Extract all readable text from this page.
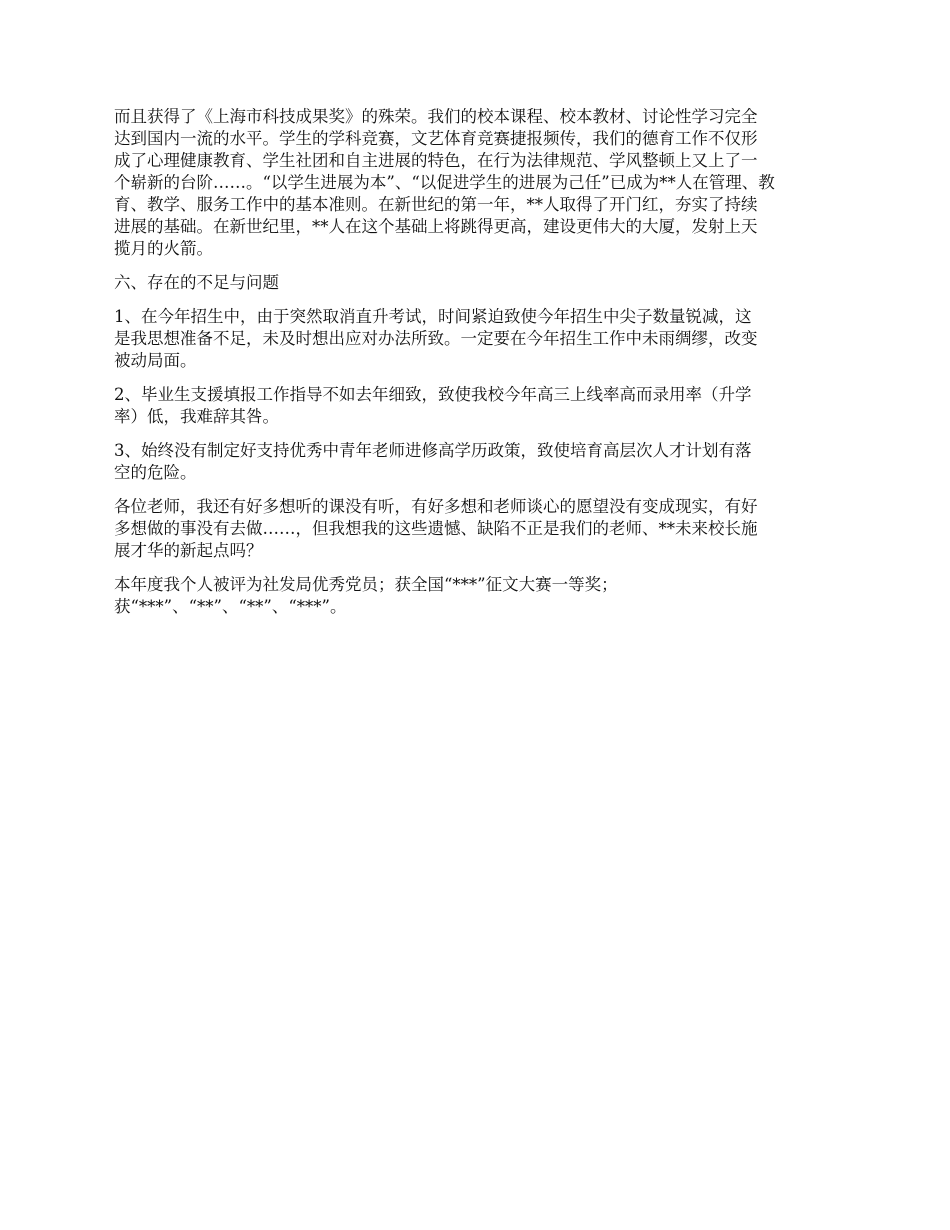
而且获得了《上海市科技成果奖》的殊荣。我们的校本课程、校本教材、讨论性学习完全
达到国内一流的水平。学生的学科竞赛，文艺体育竞赛捷报频传，我们的德育工作不仅形
成了心理健康教育、学生社团和自主进展的特色，在行为法律规范、学风整顿上又上了一
个崭新的台阶……。“以学生进展为本”、“以促进学生的进展为己任”已成为**人在管理、教
育、教学、服务工作中的基本准则。在新世纪的第一年，**人取得了开门红，夯实了持续
进展的基础。在新世纪里，**人在这个基础上将跳得更高，建设更伟大的大厦，发射上天
揽月的火箭。

六、存在的不足与问题

1、在今年招生中，由于突然取消直升考试，时间紧迫致使今年招生中尖子数量锐减，这
是我思想准备不足，未及时想出应对办法所致。一定要在今年招生工作中未雨绸缪，改变
被动局面。

2、毕业生支援填报工作指导不如去年细致，致使我校今年高三上线率高而录用率（升学
率）低，我难辞其咎。

3、始终没有制定好支持优秀中青年老师进修高学历政策，致使培育高层次人才计划有落
空的危险。

各位老师，我还有好多想听的课没有听，有好多想和老师谈心的愿望没有变成现实，有好
多想做的事没有去做……，但我想我的这些遗憾、缺陷不正是我们的老师、**未来校长施
展才华的新起点吗？

本年度我个人被评为社发局优秀党员；获全国“***”征文大赛一等奖；
获“***”、“**”、“**”、“***”。
